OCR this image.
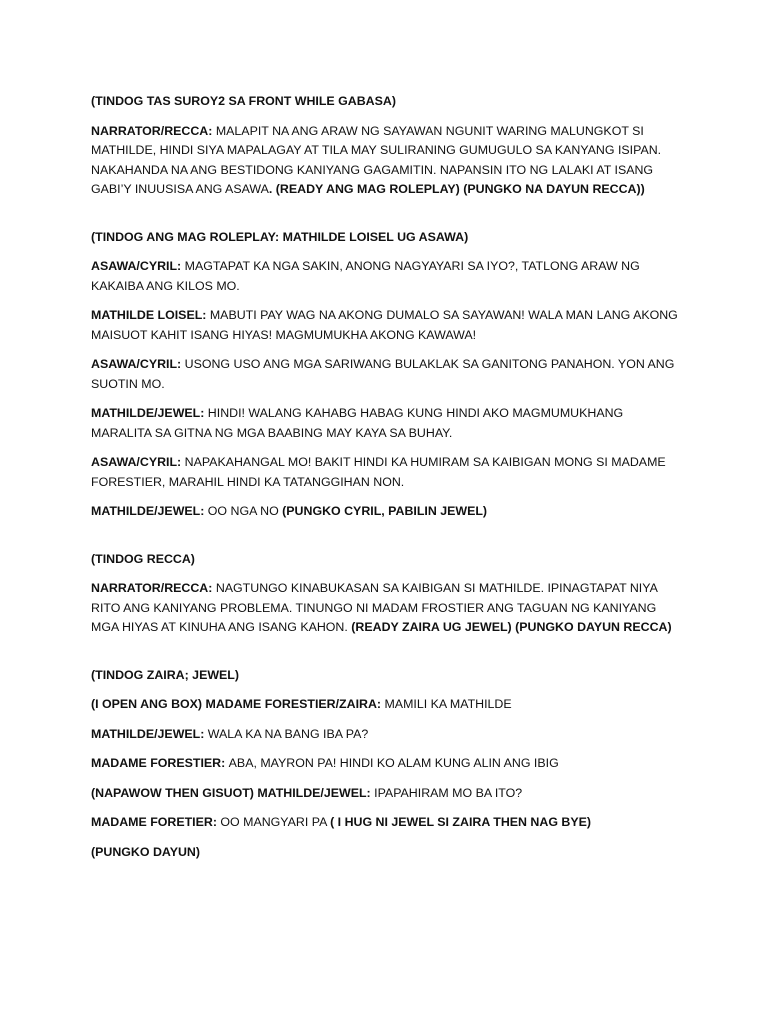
(TINDOG TAS SUROY2 SA FRONT WHILE GABASA)

NARRATOR/RECCA: MALAPIT NA ANG ARAW NG SAYAWAN NGUNIT WARING MALUNGKOT SI MATHILDE, HINDI SIYA MAPALAGAY AT TILA MAY SULIRANING GUMUGULO SA KANYANG ISIPAN. NAKAHANDA NA ANG BESTIDONG KANIYANG GAGAMITIN. NAPANSIN ITO NG LALAKI AT ISANG GABI’Y INUUSISA ANG ASAWA. (READY ANG MAG ROLEPLAY) (PUNGKO NA DAYUN RECCA))

(TINDOG ANG MAG ROLEPLAY: MATHILDE LOISEL UG ASAWA)

ASAWA/CYRIL: MAGTAPAT KA NGA SAKIN, ANONG NAGYAYARI SA IYO?, TATLONG ARAW NG KAKAIBA ANG KILOS MO.

MATHILDE LOISEL: MABUTI PAY WAG NA AKONG DUMALO SA SAYAWAN! WALA MAN LANG AKONG MAISUOT KAHIT ISANG HIYAS! MAGMUMUKHA AKONG KAWAWA!

ASAWA/CYRIL: USONG USO ANG MGA SARIWANG BULAKLAK SA GANITONG PANAHON. YON ANG SUOTIN MO.

MATHILDE/JEWEL: HINDI! WALANG KAHABG HABAG KUNG HINDI AKO MAGMUMUKHANG MARALITA SA GITNA NG MGA BAABING MAY KAYA SA BUHAY.

ASAWA/CYRIL: NAPAKAHANGAL MO! BAKIT HINDI KA HUMIRAM SA KAIBIGAN MONG SI MADAME FORESTIER, MARAHIL HINDI KA TATANGGIHAN NON.

MATHILDE/JEWEL: OO NGA NO (PUNGKO CYRIL, PABILIN JEWEL)

(TINDOG RECCA)

NARRATOR/RECCA: NAGTUNGO KINABUKASAN SA KAIBIGAN SI MATHILDE. IPINAGTAPAT NIYA RITO ANG KANIYANG PROBLEMA. TINUNGO NI MADAM FROSTIER ANG TAGUAN NG KANIYANG MGA HIYAS AT KINUHA ANG ISANG KAHON. (READY ZAIRA UG JEWEL) (PUNGKO DAYUN RECCA)

(TINDOG ZAIRA; JEWEL)

(I OPEN ANG BOX) MADAME FORESTIER/ZAIRA: MAMILI KA MATHILDE

MATHILDE/JEWEL: WALA KA NA BANG IBA PA?

MADAME FORESTIER: ABA, MAYRON PA! HINDI KO ALAM KUNG ALIN ANG IBIG

(NAPAWOW THEN GISUOT) MATHILDE/JEWEL: IPAPAHIRAM MO BA ITO?

MADAME FORETIER: OO MANGYARI PA ( I HUG NI JEWEL SI ZAIRA THEN NAG BYE)

(PUNGKO DAYUN)
